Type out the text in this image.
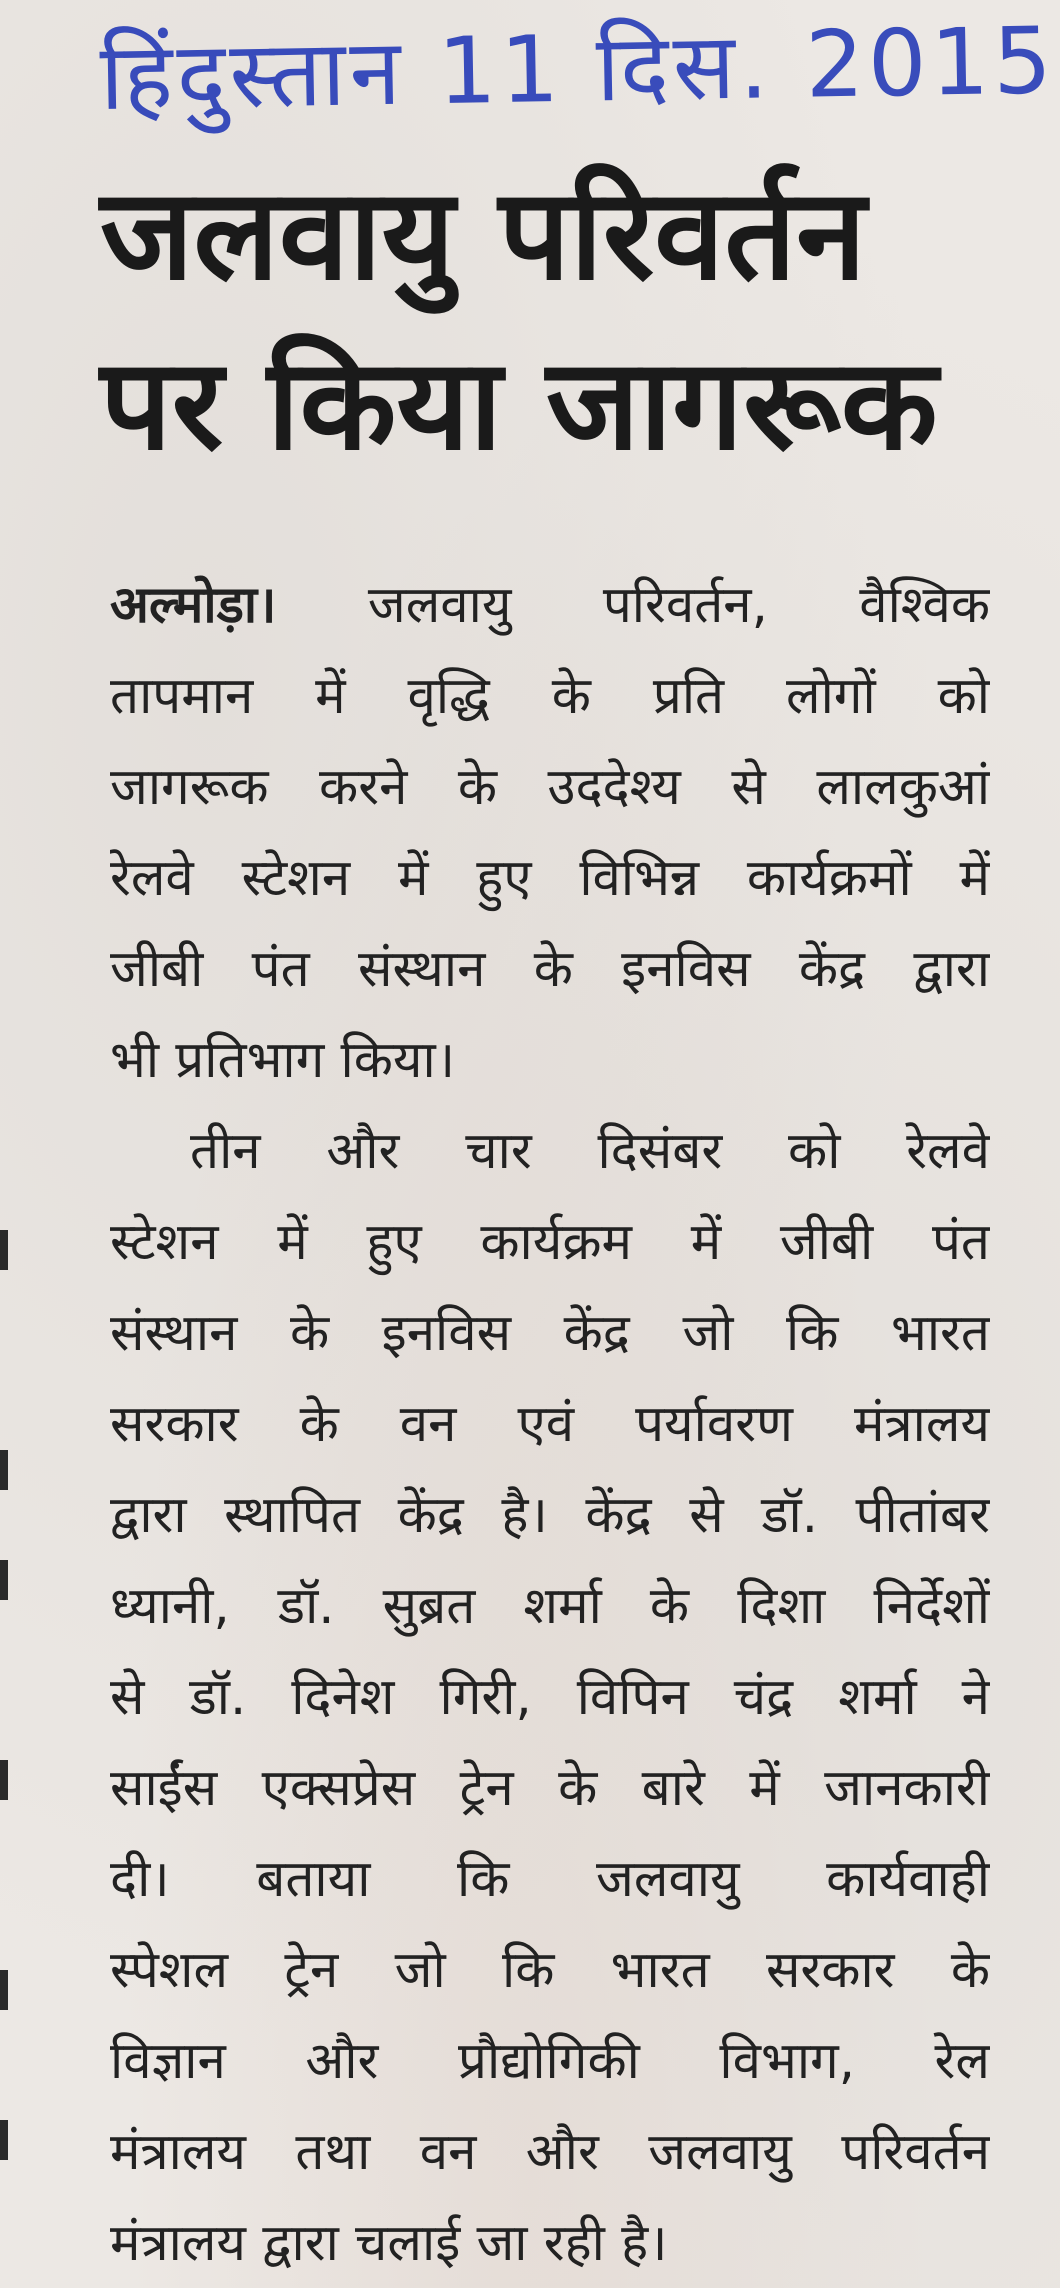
हिंदुस्तान 11 दिस. 2015
जलवायु परिवर्तन
पर किया जागरूक
अल्मोड़ा। जलवायु परिवर्तन, वैश्विक
तापमान में वृद्धि के प्रति लोगों को
जागरूक करने के उददेश्य से लालकुआं
रेलवे स्टेशन में हुए विभिन्न कार्यक्रमों में
जीबी पंत संस्थान के इनविस केंद्र द्वारा
भी प्रतिभाग किया।
तीन और चार दिसंबर को रेलवे
स्टेशन में हुए कार्यक्रम में जीबी पंत
संस्थान के इनविस केंद्र जो कि भारत
सरकार के वन एवं पर्यावरण मंत्रालय
द्वारा स्थापित केंद्र है। केंद्र से डॉ. पीतांबर
ध्यानी, डॉ. सुब्रत शर्मा के दिशा निर्देशों
से डॉ. दिनेश गिरी, विपिन चंद्र शर्मा ने
साईंस एक्सप्रेस ट्रेन के बारे में जानकारी
दी। बताया कि जलवायु कार्यवाही
स्पेशल ट्रेन जो कि भारत सरकार के
विज्ञान और प्रौद्योगिकी विभाग, रेल
मंत्रालय तथा वन और जलवायु परिवर्तन
मंत्रालय द्वारा चलाई जा रही है।
